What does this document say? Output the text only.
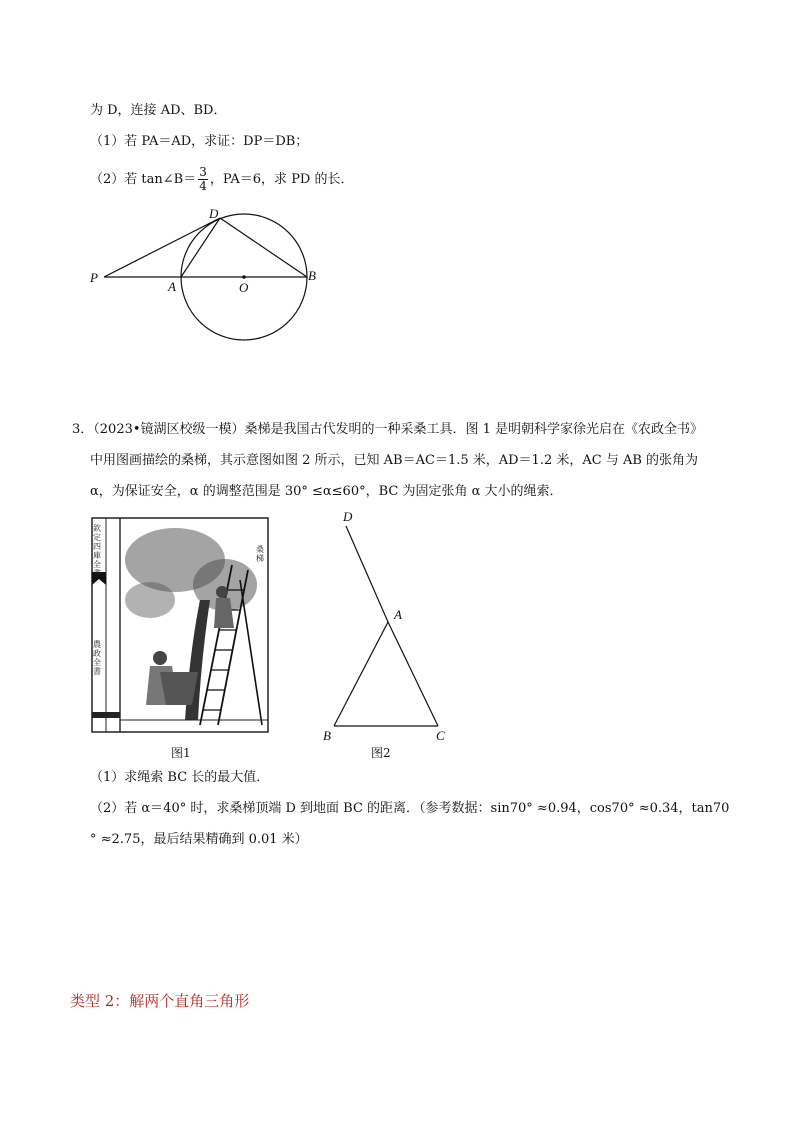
为 D，连接 AD、BD．
（1）若 PA＝AD，求证：DP＝DB；
（2）若 tan∠B＝ $\frac{3}{4}$ ，PA＝6，求 PD 的长．
P
A	O
B
D
3．（2023•镜湖区校级一模）桑梯是我国古代发明的一种采桑工具．图 1 是明朝科学家徐光启在《农政全书》
中用图画描绘的桑梯，其示意图如图 2 所示，已知 AB＝AC＝1.5 米，AD＝1.2 米，AC 与 AB 的张角为
α，为保证安全，α 的调整范围是 30° ≤α≤60°，BC 为固定张角 α 大小的绳索．
欽定四庫全書
農政全書
桑梯
图1
D
A
B	C
图2
（1）求绳索 BC 长的最大值．
（2）若 α＝40° 时，求桑梯顶端 D 到地面 BC 的距离．（参考数据：sin70° ≈0.94，cos70° ≈0.34，tan70
° ≈2.75，最后结果精确到 0.01 米）
类型 2：解两个直角三角形
